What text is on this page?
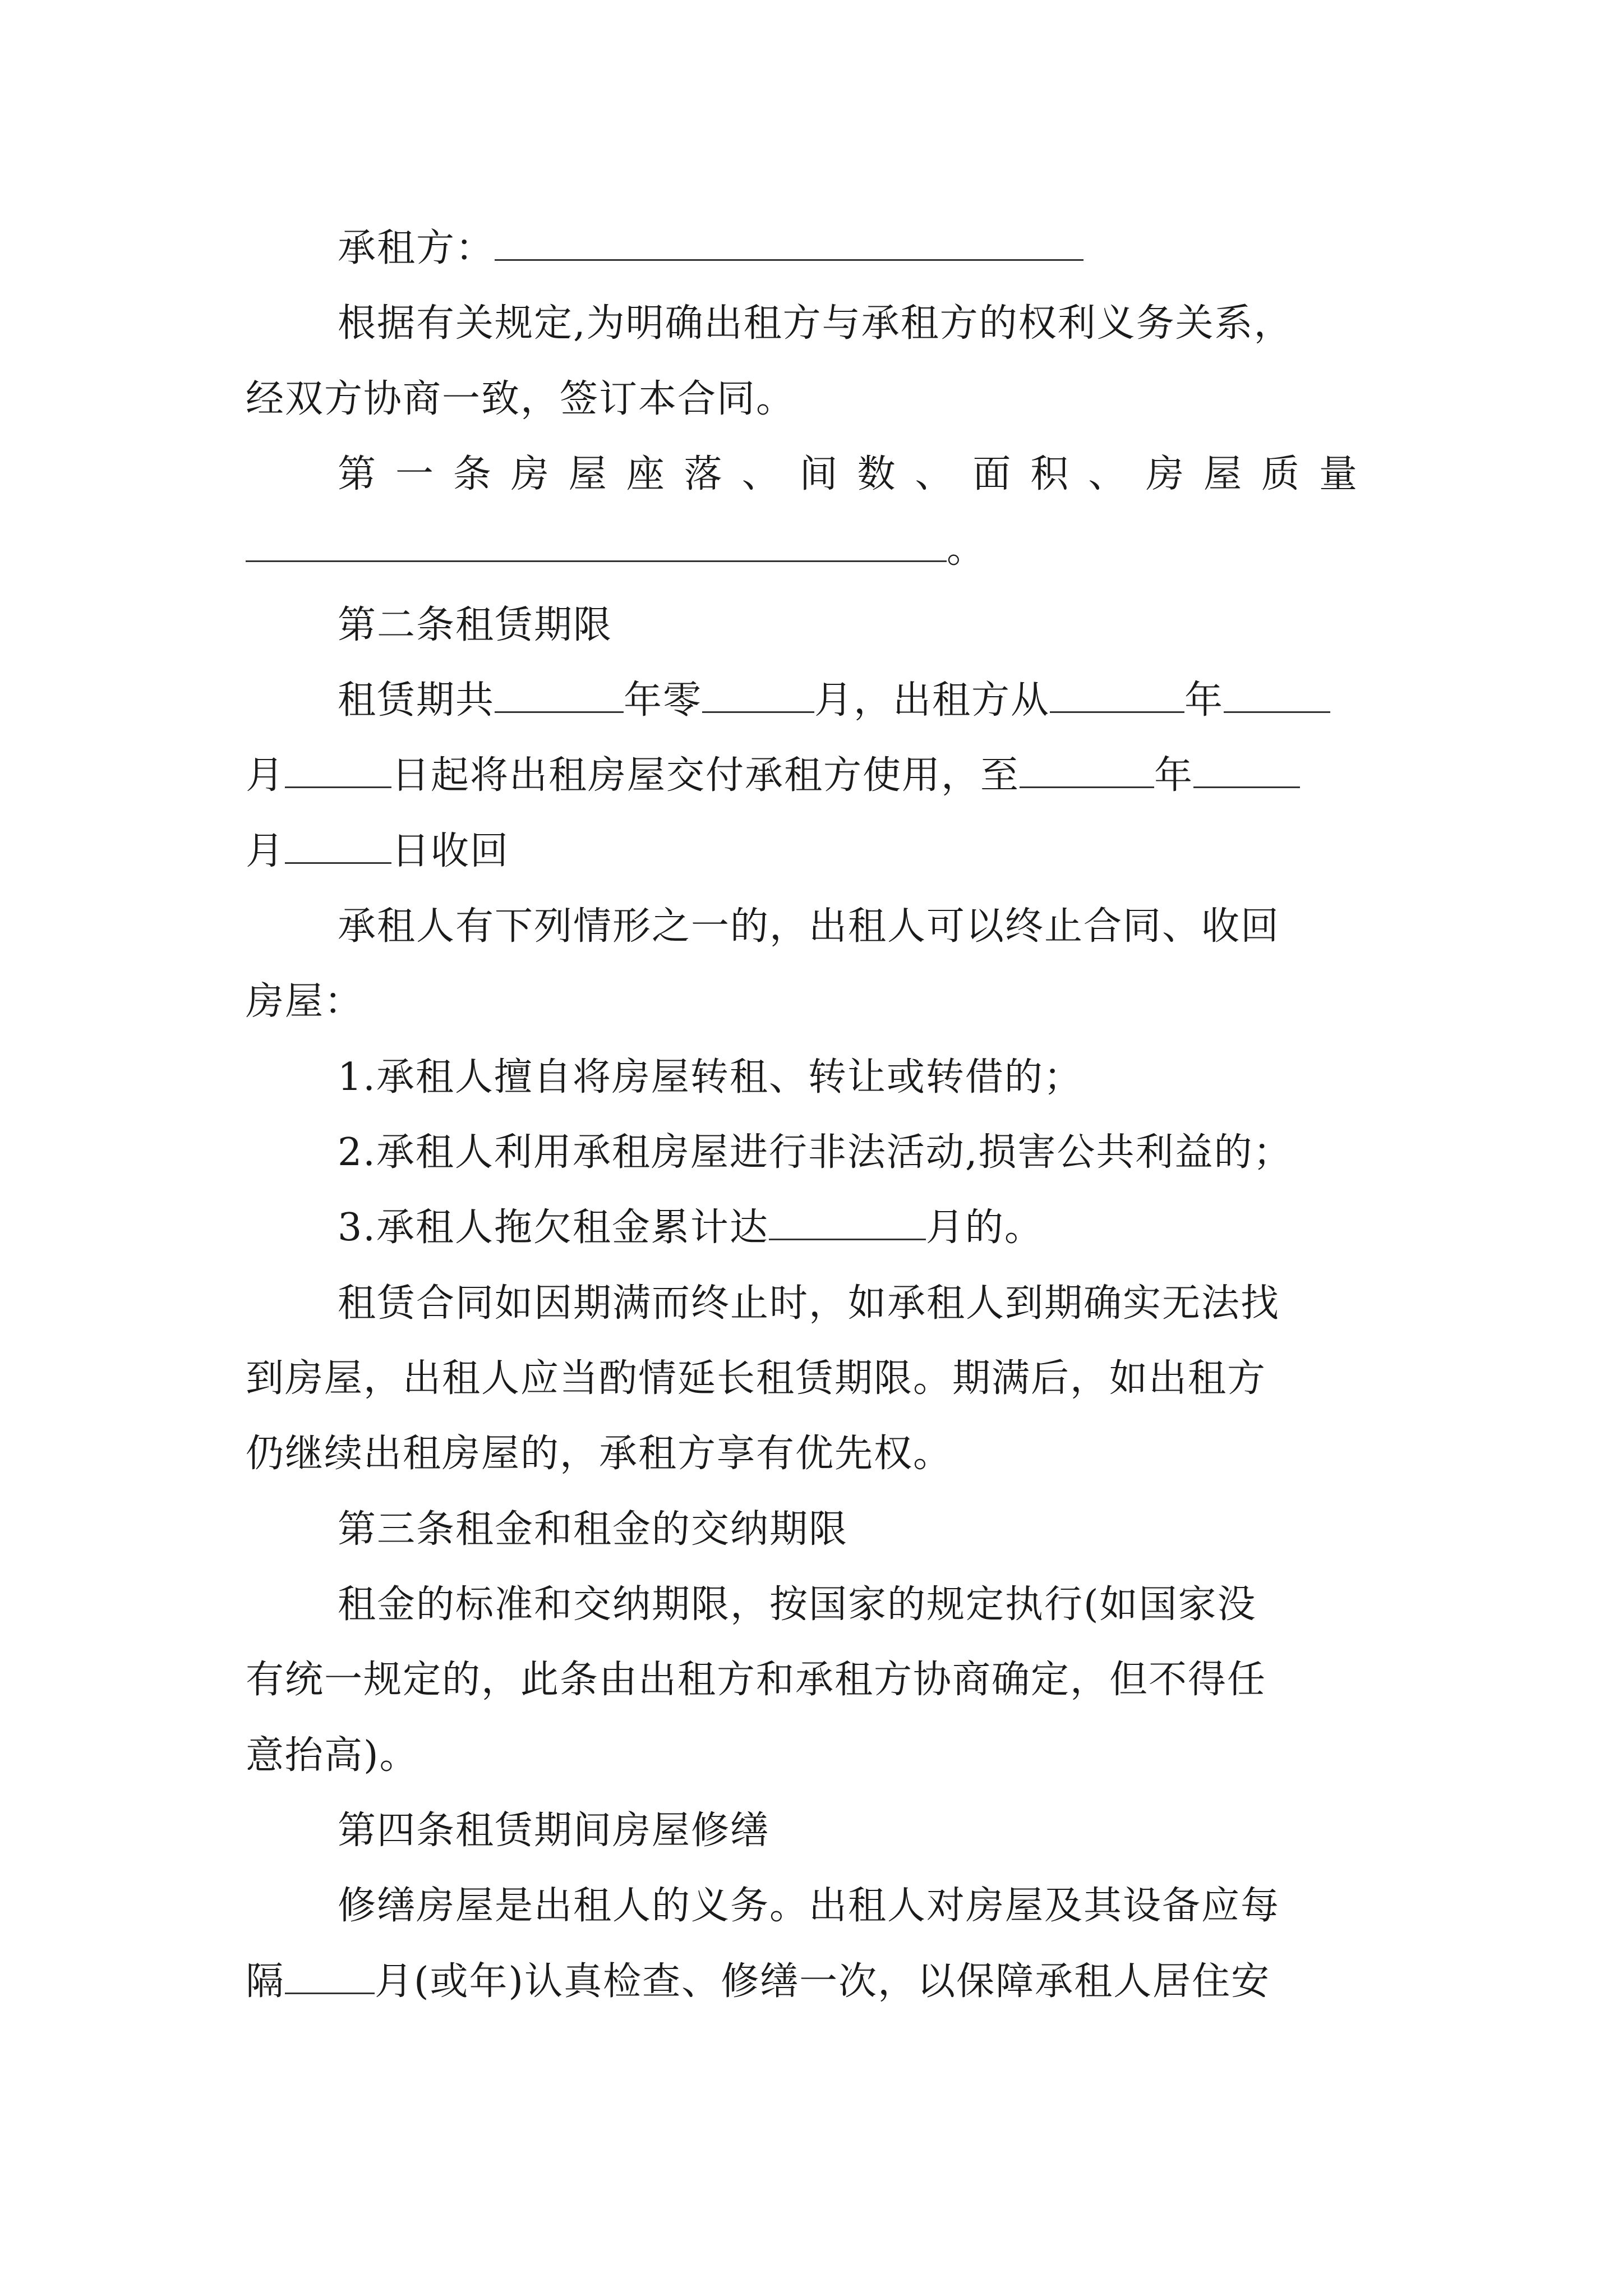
承租方：
根据有关规定,为明确出租方与承租方的权利义务关系，
经双方协商一致，签订本合同。
第一条房屋座落、间数、面积、房屋质量
。
第二条租赁期限
租赁期共	年零	月，出租方从	年
月	日起将出租房屋交付承租方使用，至	年
月	日收回
承租人有下列情形之一的，出租人可以终止合同、收回
房屋：
1.承租人擅自将房屋转租、转让或转借的；
2.承租人利用承租房屋进行非法活动,损害公共利益的；
3.承租人拖欠租金累计达	月的。
租赁合同如因期满而终止时，如承租人到期确实无法找
到房屋，出租人应当酌情延长租赁期限。期满后，如出租方
仍继续出租房屋的，承租方享有优先权。
第三条租金和租金的交纳期限
租金的标准和交纳期限，按国家的规定执行(如国家没
有统一规定的，此条由出租方和承租方协商确定，但不得任
意抬高)。
第四条租赁期间房屋修缮
修缮房屋是出租人的义务。出租人对房屋及其设备应每
隔 月(或年)认真检查、修缮一次，以保障承租人居住安
